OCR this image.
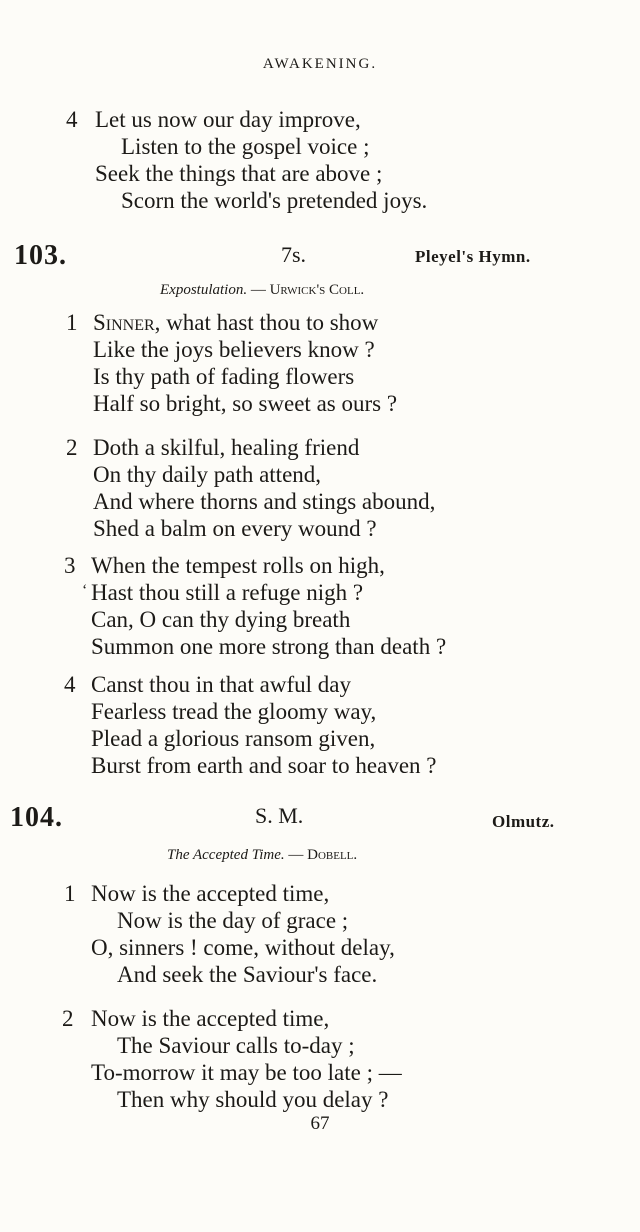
AWAKENING.
4 Let us now our day improve,
Listen to the gospel voice ;
Seek the things that are above ;
Scorn the world's pretended joys.
103.	7s.	Pleyel's Hymn.
Expostulation. — Urwick's Coll.
1 Sinner, what hast thou to show
Like the joys believers know ?
Is thy path of fading flowers
Half so bright, so sweet as ours ?
2 Doth a skilful, healing friend
On thy daily path attend,
And where thorns and stings abound,
Shed a balm on every wound ?
3 When the tempest rolls on high,
‘ Hast thou still a refuge nigh ?
Can, O can thy dying breath
Summon one more strong than death ?
4 Canst thou in that awful day
Fearless tread the gloomy way,
Plead a glorious ransom given,
Burst from earth and soar to heaven ?
104.	S. M.	Olmutz.
The Accepted Time. — Dobell.
1 Now is the accepted time,
Now is the day of grace ;
O, sinners ! come, without delay,
And seek the Saviour's face.
2 Now is the accepted time,
The Saviour calls to-day ;
To-morrow it may be too late ; —
Then why should you delay ?
67
